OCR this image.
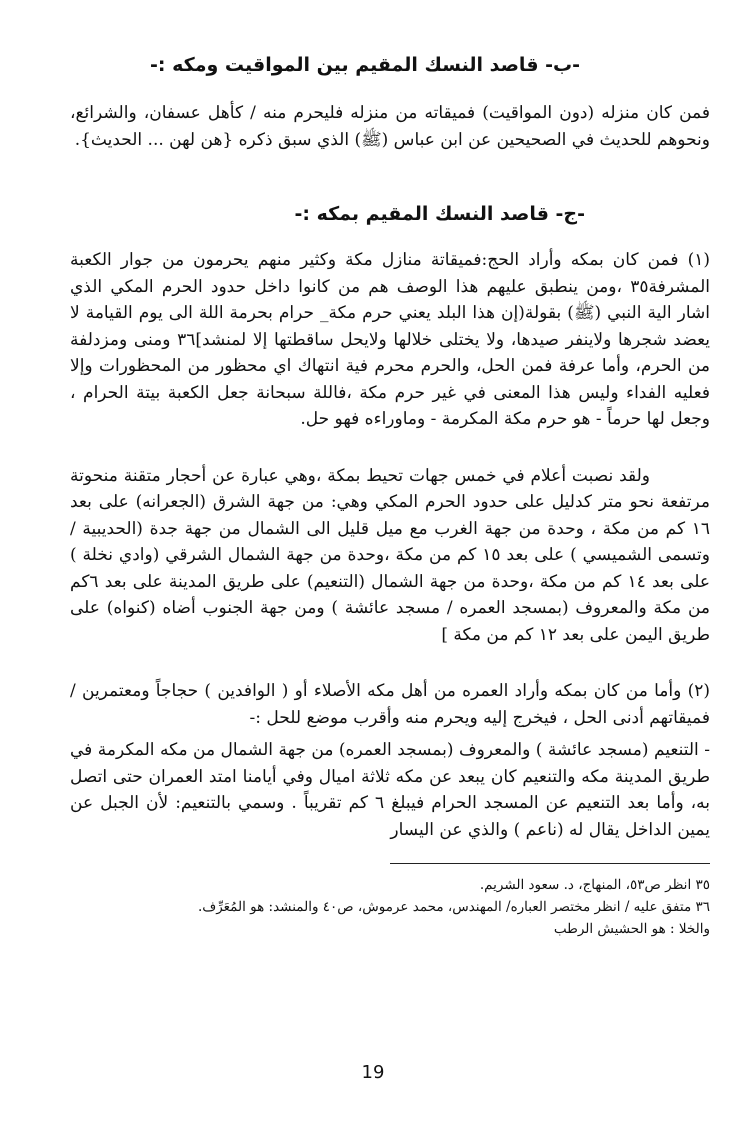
-ب- قاصد النسك المقيم بين المواقيت ومكه :-

فمن كان منزله (دون المواقيت) فميقاته من منزله فليحرم منه / كأهل عسفان، والشرائع، ونحوهم للحديث في الصحيحين عن ابن عباس (ﷺ) الذي سبق ذكره {هن لهن ... الحديث}.

-ج- قاصد النسك المقيم بمكه :-

(١) فمن كان بمكه وأراد الحج:فميقاتة منازل مكة وكثير منهم يحرمون من جوار الكعبة المشرفة٣٥ ،ومن ينطبق عليهم هذا الوصف هم من كانوا داخل حدود الحرم المكي الذي اشار الية النبي (ﷺ) بقولة(إن هذا البلد يعني حرم مكة_ حرام بحرمة اللة الى يوم القيامة لا يعضد شجرها ولاينفر صيدها، ولا يختلى خلالها ولايحل ساقطتها إلا لمنشد]٣٦ ومنى ومزدلفة من الحرم، وأما عرفة فمن الحل، والحرم محرم فية انتهاك اي محظور من المحظورات وإلا فعليه الفداء وليس هذا المعنى في غير حرم مكة ،فاللة سبحانة جعل الكعبة بيتة الحرام ، وجعل لها حرماً - هو حرم مكة المكرمة - وماوراءه فهو حل.

ولقد نصبت أعلام في خمس جهات تحيط بمكة ،وهي عبارة عن أحجار متقنة منحوتة مرتفعة نحو متر كدليل على حدود الحرم المكي وهي: من جهة الشرق (الجعرانه) على بعد ١٦ كم من مكة ، وحدة من جهة الغرب مع ميل قليل الى الشمال من جهة جدة (الحديبية / وتسمى الشميسي ) على بعد ١٥ كم من مكة ،وحدة من جهة الشمال الشرقي (وادي نخلة ) على بعد ١٤ كم من مكة ،وحدة من جهة الشمال (التنعيم) على طريق المدينة على بعد ٦كم من مكة والمعروف (بمسجد العمره / مسجد عائشة ) ومن جهة الجنوب أضاه (كنواه) على طريق اليمن على بعد ١٢ كم من مكة ]

(٢) وأما من كان بمكه وأراد العمره من أهل مكه الأصلاء أو ( الوافدين ) حجاجاً ومعتمرين / فميقاتهم أدنى الحل ، فيخرج إليه ويحرم منه وأقرب موضع للحل :-

- التنعيم (مسجد عائشة ) والمعروف (بمسجد العمره) من جهة الشمال من مكه المكرمة في طريق المدينة مكه والتنعيم كان يبعد عن مكه ثلاثة اميال وفي أيامنا امتد العمران حتى اتصل به، وأما بعد التنعيم عن المسجد الحرام فيبلغ ٦ كم تقريباً . وسمي بالتنعيم: لأن الجبل عن يمين الداخل يقال له (ناعم ) والذي عن اليسار

٣٥ انظر ص٥٣، المنهاج، د. سعود الشريم.

٣٦ متفق عليه / انظر مختصر العباره/ المهندس، محمد عرموش، ص٤٠ والمنشد: هو المُعَرِّف.

والخلا : هو الحشيش الرطب

19
